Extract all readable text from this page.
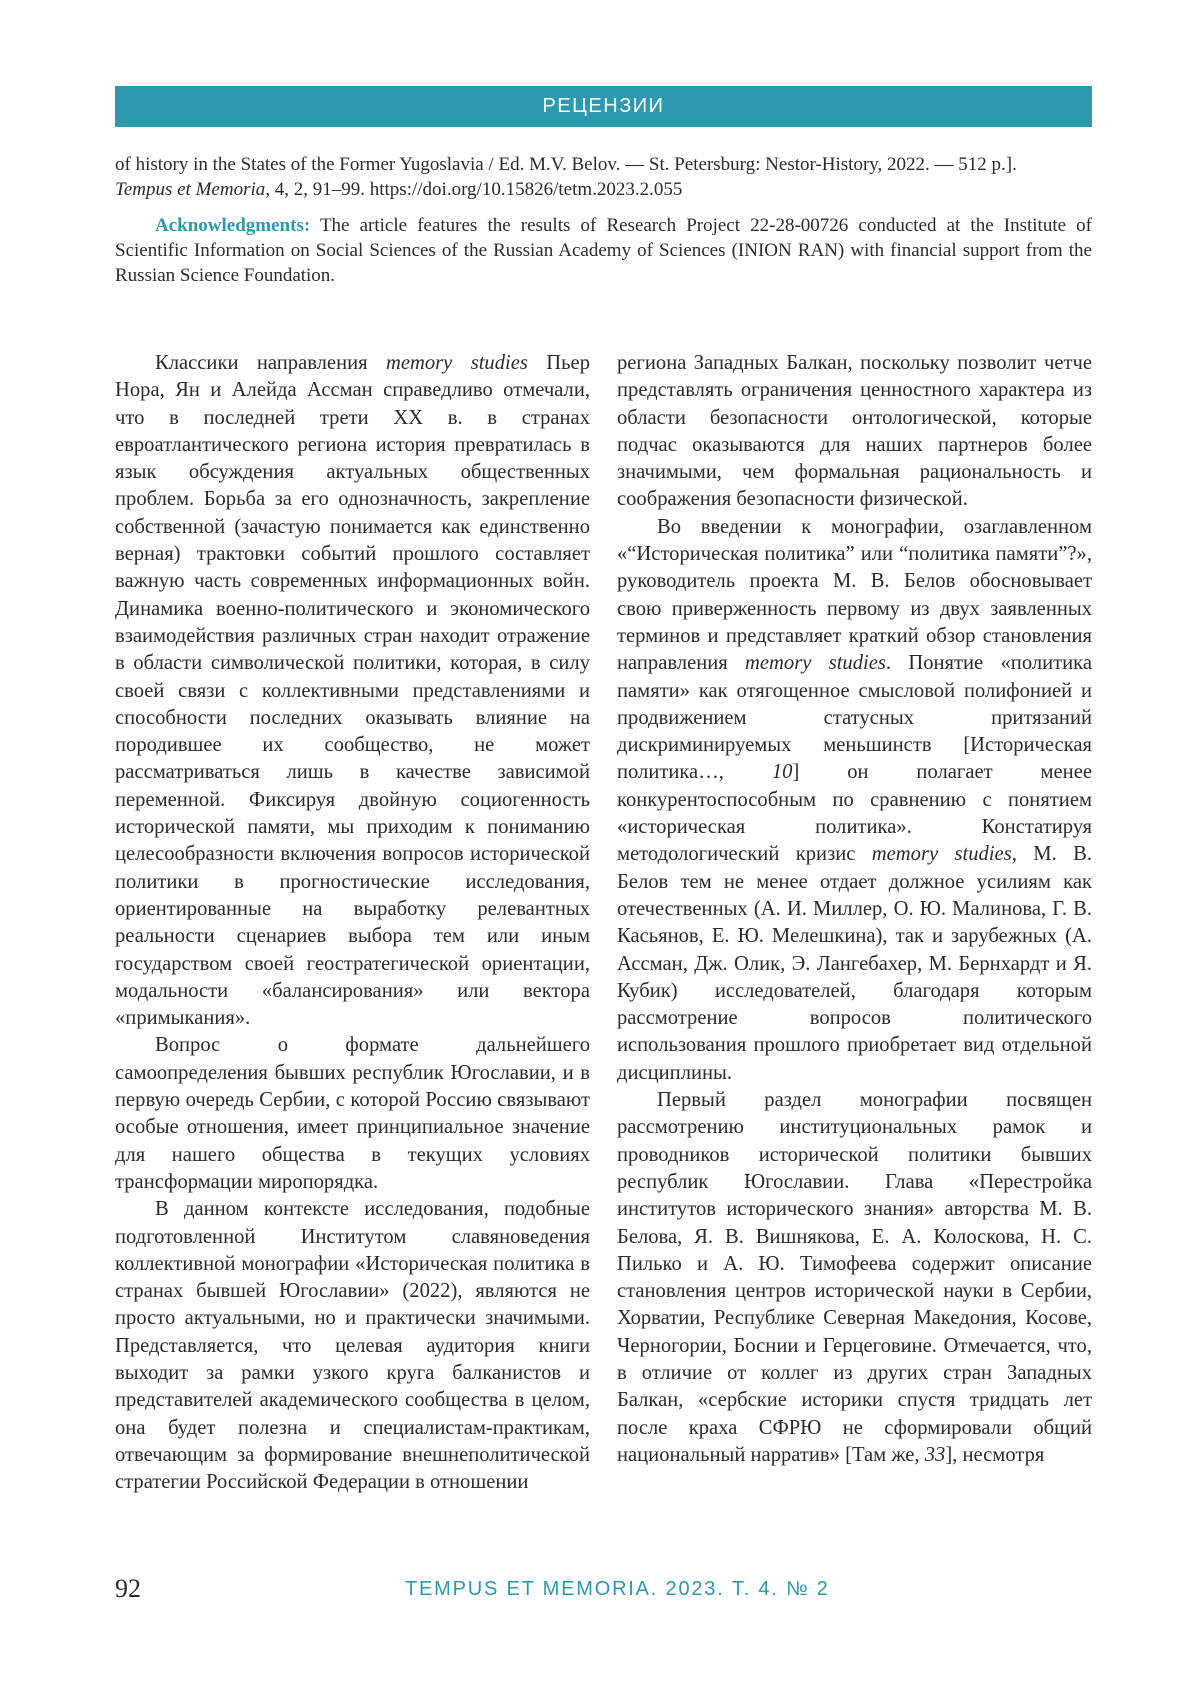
РЕЦЕНЗИИ
of history in the States of the Former Yugoslavia / Ed. M.V. Belov. — St. Petersburg: Nestor-History, 2022. — 512 p.].
Tempus et Memoria, 4, 2, 91–99. https://doi.org/10.15826/tetm.2023.2.055
Acknowledgments: The article features the results of Research Project 22-28-00726 conducted at the Institute of Scientific Information on Social Sciences of the Russian Academy of Sciences (INION RAN) with financial support from the Russian Science Foundation.

Классики направления memory studies Пьер Нора, Ян и Алейда Ассман справедливо отмечали, что в последней трети XX в. в странах евроатлантического региона история превратилась в язык обсуждения актуальных общественных проблем. Борьба за его однозначность, закрепление собственной (зачастую понимается как единственно верная) трактовки событий прошлого составляет важную часть современных информационных войн. Динамика военно-политического и экономического взаимодействия различных стран находит отражение в области символической политики, которая, в силу своей связи с коллективными представлениями и способности последних оказывать влияние на породившее их сообщество, не может рассматриваться лишь в качестве зависимой переменной. Фиксируя двойную социогенность исторической памяти, мы приходим к пониманию целесообразности включения вопросов исторической политики в прогностические исследования, ориентированные на выработку релевантных реальности сценариев выбора тем или иным государством своей геостратегической ориентации, модальности «балансирования» или вектора «примыкания».

Вопрос о формате дальнейшего самоопределения бывших республик Югославии, и в первую очередь Сербии, с которой Россию связывают особые отношения, имеет принципиальное значение для нашего общества в текущих условиях трансформации миропорядка.

В данном контексте исследования, подобные подготовленной Институтом славяноведения коллективной монографии «Историческая политика в странах бывшей Югославии» (2022), являются не просто актуальными, но и практически значимыми. Представляется, что целевая аудитория книги выходит за рамки узкого круга балканистов и представителей академического сообщества в целом, она будет полезна и специалистам-практикам, отвечающим за формирование внешнеполитической стратегии Российской Федерации в отношении

региона Западных Балкан, поскольку позволит четче представлять ограничения ценностного характера из области безопасности онтологической, которые подчас оказываются для наших партнеров более значимыми, чем формальная рациональность и соображения безопасности физической.

Во введении к монографии, озаглавленном «“Историческая политика” или “политика памяти”?», руководитель проекта М. В. Белов обосновывает свою приверженность первому из двух заявленных терминов и представляет краткий обзор становления направления memory studies. Понятие «политика памяти» как отягощенное смысловой полифонией и продвижением статусных притязаний дискриминируемых меньшинств [Историческая политика…, 10] он полагает менее конкурентоспособным по сравнению с понятием «историческая политика». Констатируя методологический кризис memory studies, М. В. Белов тем не менее отдает должное усилиям как отечественных (А. И. Миллер, О. Ю. Малинова, Г. В. Касьянов, Е. Ю. Мелешкина), так и зарубежных (А. Ассман, Дж. Олик, Э. Лангебахер, М. Бернхардт и Я. Кубик) исследователей, благодаря которым рассмотрение вопросов политического использования прошлого приобретает вид отдельной дисциплины.

Первый раздел монографии посвящен рассмотрению институциональных рамок и проводников исторической политики бывших республик Югославии. Глава «Перестройка институтов исторического знания» авторства М. В. Белова, Я. В. Вишнякова, Е. А. Колоскова, Н. С. Пилько и А. Ю. Тимофеева содержит описание становления центров исторической науки в Сербии, Хорватии, Республике Северная Македония, Косове, Черногории, Боснии и Герцеговине. Отмечается, что, в отличие от коллег из других стран Западных Балкан, «сербские историки спустя тридцать лет после краха СФРЮ не сформировали общий национальный нарратив» [Там же, 33], несмотря

92	TEMPUS ET MEMORIA. 2023. Т. 4. № 2
